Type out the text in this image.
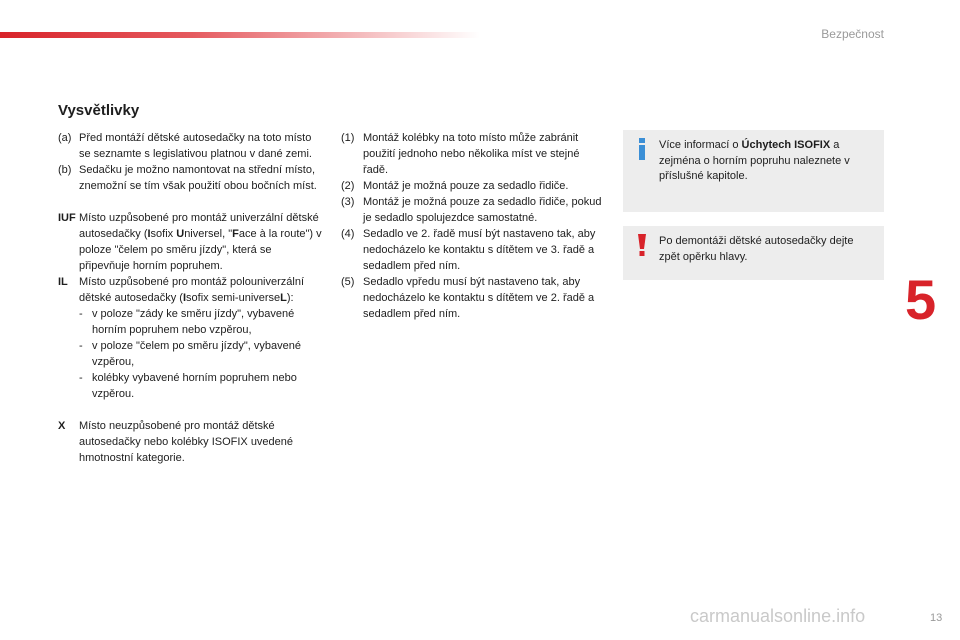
Bezpečnost
5
Vysvětlivky
(a) Před montáží dětské autosedačky na toto místo se seznamte s legislativou platnou v dané zemi.
(b) Sedačku je možno namontovat na střední místo, znemožní se tím však použití obou bočních míst.
IUF Místo uzpůsobené pro montáž univerzální dětské autosedačky (Isofix Universel, "Face à la route") v poloze "čelem po směru jízdy", která se připevňuje horním popruhem.
IL	Místo uzpůsobené pro montáž polouniverzální dětské autosedačky (Isofix semi-universeL):
- v poloze "zády ke směru jízdy", vybavené horním popruhem nebo vzpěrou,
- v poloze "čelem po směru jízdy", vybavené vzpěrou,
- kolébky vybavené horním popruhem nebo vzpěrou.
X	Místo neuzpůsobené pro montáž dětské autosedačky nebo kolébky ISOFIX uvedené hmotnostní kategorie.
(1) Montáž kolébky na toto místo může zabránit použití jednoho nebo několika míst ve stejné řadě.
(2) Montáž je možná pouze za sedadlo řidiče.
(3) Montáž je možná pouze za sedadlo řidiče, pokud je sedadlo spolujezdce samostatné.
(4) Sedadlo ve 2. řadě musí být nastaveno tak, aby nedocházelo ke kontaktu s dítětem ve 3. řadě a sedadlem před ním.
(5) Sedadlo vpředu musí být nastaveno tak, aby nedocházelo ke kontaktu s dítětem ve 2. řadě a sedadlem před ním.
Více informací o Úchytech ISOFIX a zejména o horním popruhu naleznete v příslušné kapitole.
Po demontáži dětské autosedačky dejte zpět opěrku hlavy.
carmanualsonline.info	13
